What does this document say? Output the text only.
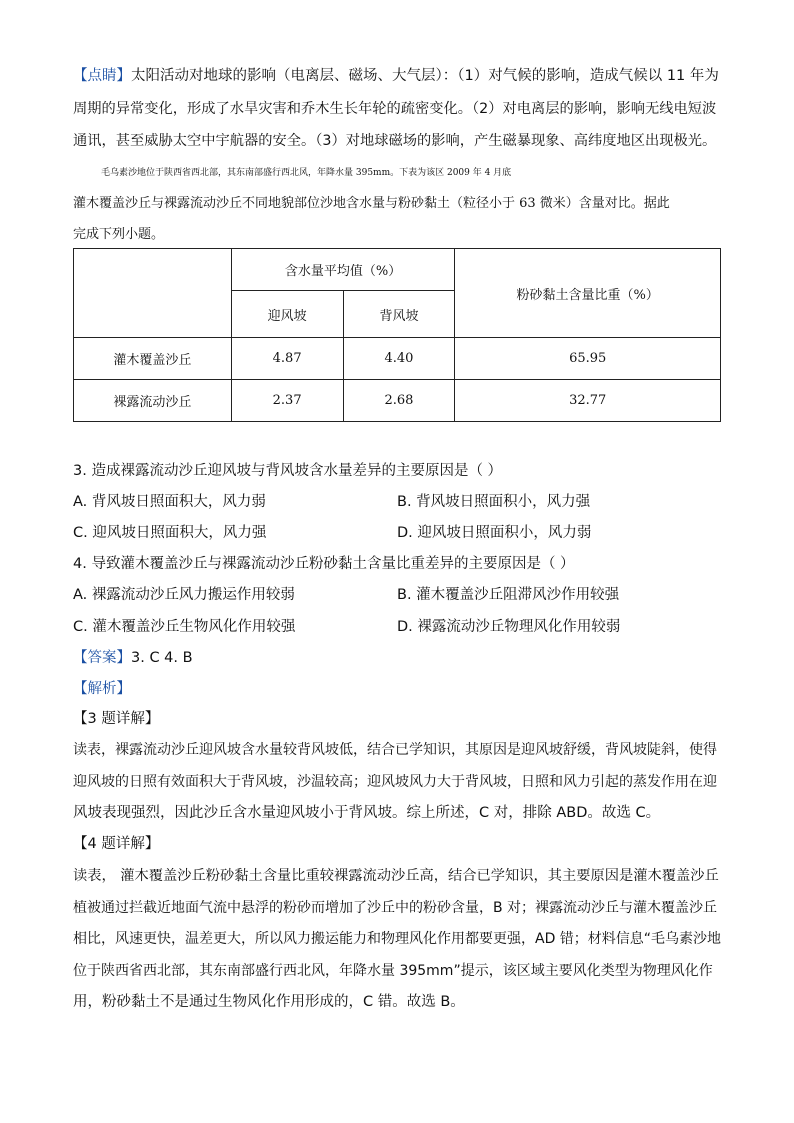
【点睛】太阳活动对地球的影响（电离层、磁场、大气层）：（1）对气候的影响，造成气候以 11 年为
周期的异常变化，形成了水旱灾害和乔木生长年轮的疏密变化。（2）对电离层的影响，影响无线电短波
通讯，甚至威胁太空中宇航器的安全。（3）对地球磁场的影响，产生磁暴现象、高纬度地区出现极光。
毛乌素沙地位于陕西省西北部，其东南部盛行西北风，年降水量 395mm。下表为该区 2009 年 4 月底
灌木覆盖沙丘与裸露流动沙丘不同地貌部位沙地含水量与粉砂黏土（粒径小于 63 微米）含量对比。据此
完成下列小题。
	含水量平均值（%）		粉砂黏土含量比重（%）
	迎风坡	背风坡	
灌木覆盖沙丘	4.87	4.40	65.95
裸露流动沙丘	2.37	2.68	32.77
3. 造成裸露流动沙丘迎风坡与背风坡含水量差异的主要原因是（ ）
A. 背风坡日照面积大，风力弱	B. 背风坡日照面积小，风力强
C. 迎风坡日照面积大，风力强	D. 迎风坡日照面积小，风力弱
4. 导致灌木覆盖沙丘与裸露流动沙丘粉砂黏土含量比重差异的主要原因是（ ）
A. 裸露流动沙丘风力搬运作用较弱	B. 灌木覆盖沙丘阻滞风沙作用较强
C. 灌木覆盖沙丘生物风化作用较强	D. 裸露流动沙丘物理风化作用较弱
【答案】3. C 4. B
【解析】
【3 题详解】
读表，裸露流动沙丘迎风坡含水量较背风坡低，结合已学知识，其原因是迎风坡舒缓，背风坡陡斜，使得
迎风坡的日照有效面积大于背风坡，沙温较高；迎风坡风力大于背风坡，日照和风力引起的蒸发作用在迎
风坡表现强烈，因此沙丘含水量迎风坡小于背风坡。综上所述，C 对，排除 ABD。故选 C。
【4 题详解】
读表， 灌木覆盖沙丘粉砂黏土含量比重较裸露流动沙丘高，结合已学知识，其主要原因是灌木覆盖沙丘
植被通过拦截近地面气流中悬浮的粉砂而增加了沙丘中的粉砂含量，B 对；裸露流动沙丘与灌木覆盖沙丘
相比，风速更快，温差更大，所以风力搬运能力和物理风化作用都要更强，AD 错；材料信息“毛乌素沙地
位于陕西省西北部，其东南部盛行西北风，年降水量 395mm”提示，该区域主要风化类型为物理风化作
用，粉砂黏土不是通过生物风化作用形成的，C 错。故选 B。
